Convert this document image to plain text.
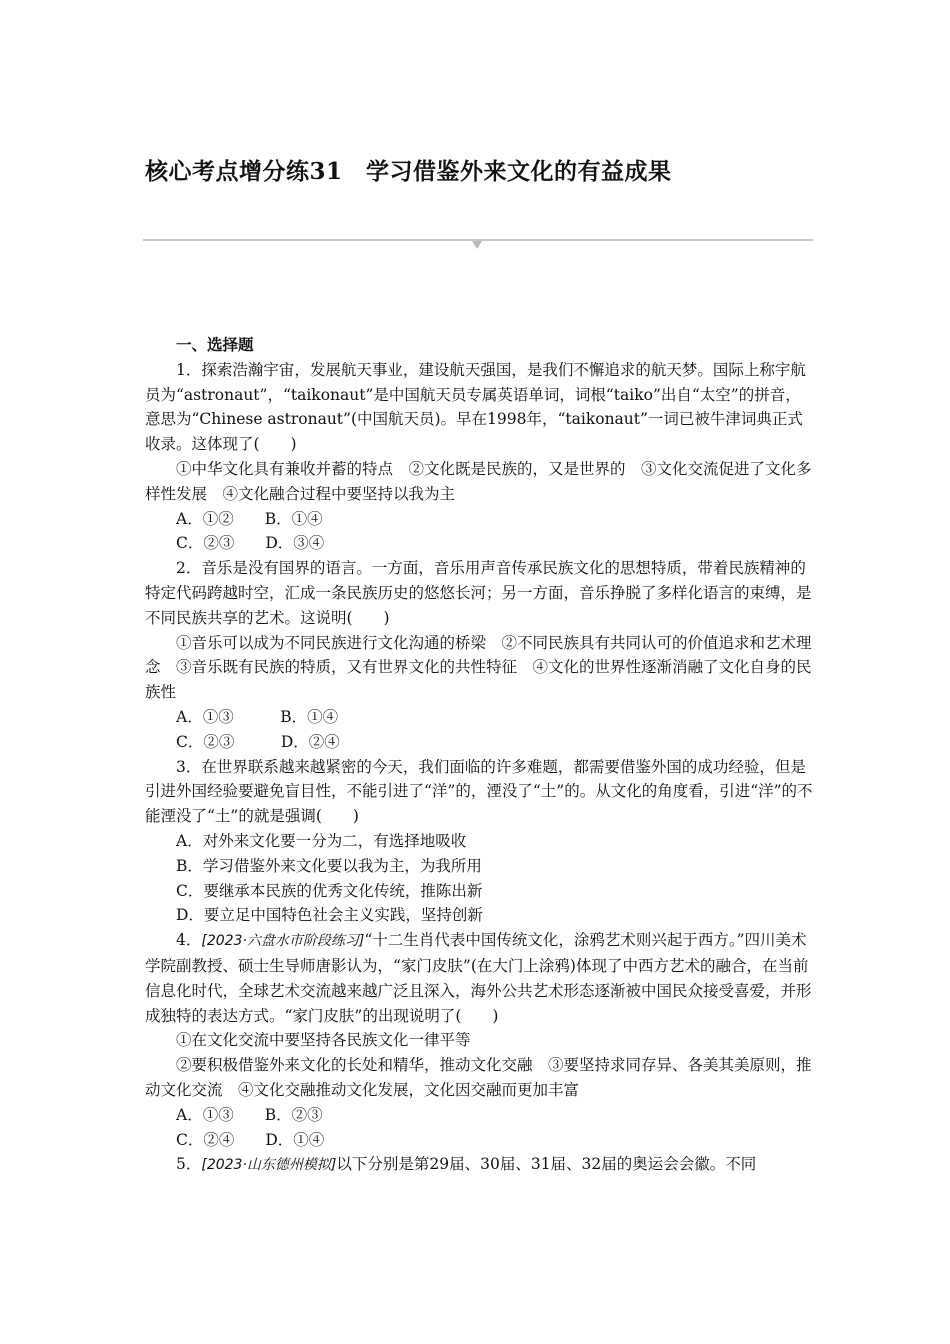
核心考点增分练31　学习借鉴外来文化的有益成果

一、选择题

1．探索浩瀚宇宙，发展航天事业，建设航天强国，是我们不懈追求的航天梦。国际上称宇航员为“astronaut”，“taikonaut”是中国航天员专属英语单词，词根“taiko”出自“太空”的拼音，意思为“Chinese astronaut”(中国航天员)。早在1998年，“taikonaut”一词已被牛津词典正式收录。这体现了(　　)

①中华文化具有兼收并蓄的特点　②文化既是民族的，又是世界的　③文化交流促进了文化多样性发展　④文化融合过程中要坚持以我为主

A．①②　　B．①④

C．②③　　D．③④

2．音乐是没有国界的语言。一方面，音乐用声音传承民族文化的思想特质，带着民族精神的特定代码跨越时空，汇成一条民族历史的悠悠长河；另一方面，音乐挣脱了多样化语言的束缚，是不同民族共享的艺术。这说明(　　)

①音乐可以成为不同民族进行文化沟通的桥梁　②不同民族具有共同认可的价值追求和艺术理念　③音乐既有民族的特质，又有世界文化的共性特征　④文化的世界性逐渐消融了文化自身的民族性

A．①③　　　B．①④

C．②③　　　D．②④

3．在世界联系越来越紧密的今天，我们面临的许多难题，都需要借鉴外国的成功经验，但是引进外国经验要避免盲目性，不能引进了“洋”的，湮没了“土”的。从文化的角度看，引进“洋”的不能湮没了“土”的就是强调(　　)

A．对外来文化要一分为二，有选择地吸收

B．学习借鉴外来文化要以我为主，为我所用

C．要继承本民族的优秀文化传统，推陈出新

D．要立足中国特色社会主义实践，坚持创新

4．[2023·六盘水市阶段练习]“十二生肖代表中国传统文化，涂鸦艺术则兴起于西方。”四川美术学院副教授、硕士生导师唐影认为，“家门皮肤”(在大门上涂鸦)体现了中西方艺术的融合，在当前信息化时代，全球艺术交流越来越广泛且深入，海外公共艺术形态逐渐被中国民众接受喜爱，并形成独特的表达方式。“家门皮肤”的出现说明了(　　)

①在文化交流中要坚持各民族文化一律平等

②要积极借鉴外来文化的长处和精华，推动文化交融　③要坚持求同存异、各美其美原则，推动文化交流　④文化交融推动文化发展，文化因交融而更加丰富

A．①③　　B．②③

C．②④　　D．①④

5．[2023·山东德州模拟]以下分别是第29届、30届、31届、32届的奥运会会徽。不同
